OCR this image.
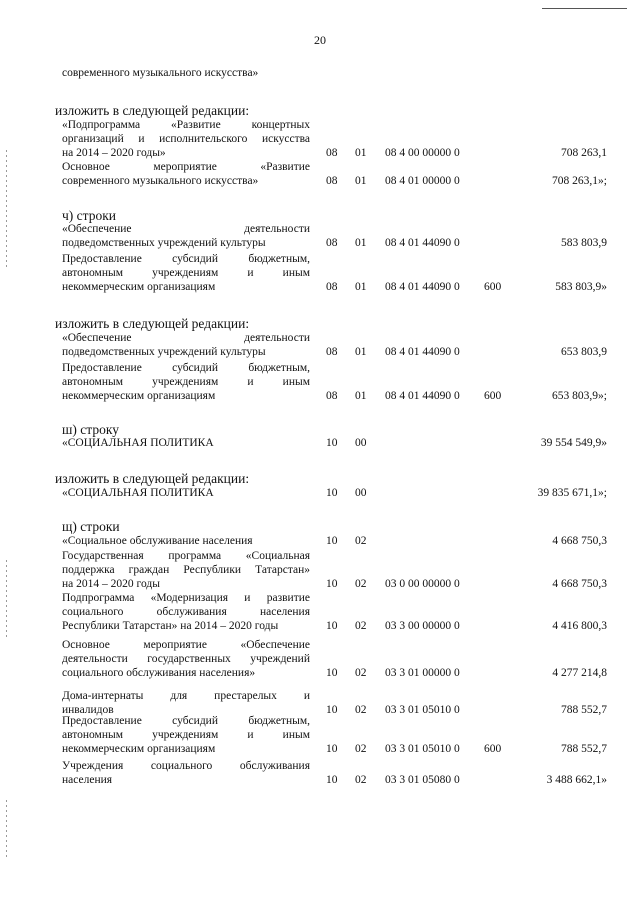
20
современного музыкального искусства»
изложить в следующей редакции:
«Подпрограмма «Развитие концертных
организаций и исполнительского искусства
на 2014 – 2020 годы»	08 01 08 4 00 00000 0	708 263,1
Основное мероприятие «Развитие
современного музыкального искусства»	08 01 08 4 01 00000 0	708 263,1»;
ч) строки
«Обеспечение деятельности
подведомственных учреждений культуры	08 01 08 4 01 44090 0	583 803,9
Предоставление субсидий бюджетным,
автономным учреждениям и иным
некоммерческим организациям	08 01 08 4 01 44090 0 600	583 803,9»
изложить в следующей редакции:
«Обеспечение деятельности
подведомственных учреждений культуры	08 01 08 4 01 44090 0	653 803,9
Предоставление субсидий бюджетным,
автономным учреждениям и иным
некоммерческим организациям	08 01 08 4 01 44090 0 600	653 803,9»;
ш) строку
«СОЦИАЛЬНАЯ ПОЛИТИКА	10 00	39 554 549,9»
изложить в следующей редакции:
«СОЦИАЛЬНАЯ ПОЛИТИКА	10 00	39 835 671,1»;
щ) строки
«Социальное обслуживание населения	10 02	4 668 750,3
Государственная программа «Социальная
поддержка граждан Республики Татарстан»
на 2014 – 2020 годы	10 02 03 0 00 00000 0	4 668 750,3
Подпрограмма «Модернизация и развитие
социального обслуживания населения
Республики Татарстан» на 2014 – 2020 годы	10 02 03 3 00 00000 0	4 416 800,3
Основное мероприятие «Обеспечение
деятельности государственных учреждений
социального обслуживания населения»	10 02 03 3 01 00000 0	4 277 214,8
Дома-интернаты для престарелых и
инвалидов	10 02 03 3 01 05010 0	788 552,7
Предоставление субсидий бюджетным,
автономным учреждениям и иным
некоммерческим организациям	10 02 03 3 01 05010 0 600	788 552,7
Учреждения социального обслуживания
населения	10 02 03 3 01 05080 0	3 488 662,1»
